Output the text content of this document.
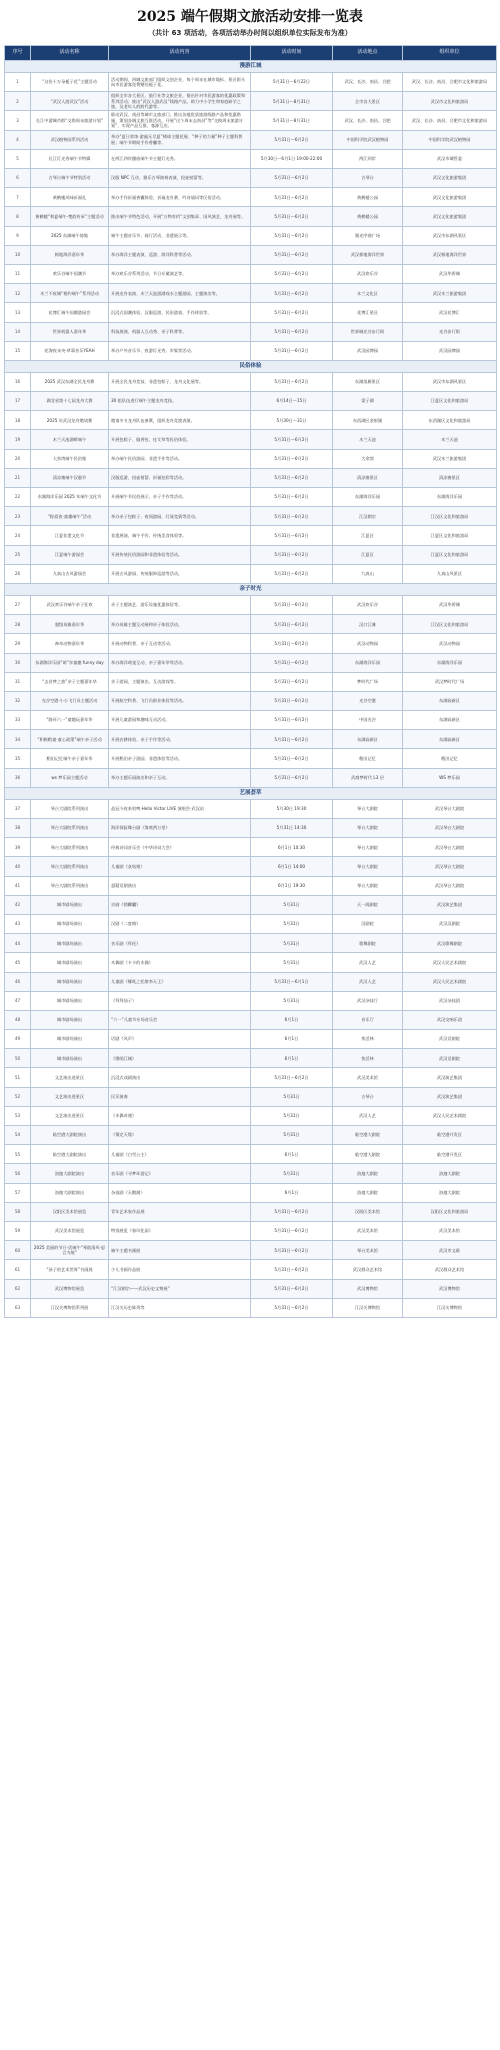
2025 端午假期文旅活动安排一览表
（共计 63 项活动，各项活动举办时间以组织单位实际发布为准）
序号	活动名称	活动内容	活动时间	活动地点	组织单位
漫游江城					
1	“这份十万朵栀子花”主题活动	活动期间，四城文旅部门组织文创企业，每个周末在城市地标、景区街头向市民游客免费赠送栀子花。	5月31日～6月22日	武汉、长沙、南昌、合肥	武汉、长沙、南昌、合肥市文化和旅游局
2	“武汉人游武汉”活动	组织全市各大景区、旅行社等文旅企业，推出针对市民游客的优惠政策和系列活动；推出“武汉人游武汉”线路产品，助力中小学生和家庭研学之旅，及老年人的跨代游等。	5月31日～8月31日	全市各大景区	武汉市文化和旅游局
3	长江中游城市群“交换周末旅游计划”	联动武汉、南昌等城市文旅部门，推出各地优质旅游线路产品和优惠措施，策划各城文旅互推活动，开展“这个周末去南昌”等“交换周末旅游计划”，实现产品互推、客源互送。	5月31日～8月31日	武汉、长沙、南昌、合肥	武汉、长沙、南昌、合肥市文化和旅游局
4	武汉植物园系列活动	举办“夏日荣浓·游遍无尽夏”绣球主题花展、“种子的力量”种子主题科普展；端午节期间手作香囊等。	5月31日～6月2日	中国科学院武汉植物园	中国科学院武汉植物园
5	长江灯光秀端午节特辑	在两江四岸播放端午节主题灯光秀。	5月30日～6月1日 19:00-22:00	两江四岸	武汉市城管委
6	古琴台端午节特别活动	汉服 NPC 互动、雅乐古琴演奏表演、投壶射箭等。	5月31日～6月2日	古琴台	武汉文化旅游集团
7	黄鹤楼风味祈福礼	举办手作祈福香囊体验、祈福龙舟赛、吟诗诵词等民俗活动。	5月31日～6月2日	黄鹤楼公园	武汉文化旅游集团
8	黄鹤楼“和夏端午·楚韵传承”主题活动	推出端午节特色活动，开展“万物有约”文创集章、国风演艺、龙舟展等。	5月31日～6月2日	黄鹤楼公园	武汉文化旅游集团
9	2025 东湖端午骑集	端午主题音乐节、骑行活动、非遗展示等。	5月31日～6月2日	湖光序曲广场	武汉市东湖风景区
10	极地海洋嘉年华	举办海洋主题表演、巡游、海洋科普等活动。	5月31日～6月2日	武汉极地海洋世界	武汉极地海洋世界
11	欢乐谷端午国潮节	举办欢乐谷系列活动、节日专属演艺等。	5月31日～6月2日	武汉欢乐谷	武汉华侨城
12	木兰不夜城“相约端午”系列活动	开展龙舟表演、木兰天池游湖戏水主题游园、主题演出等。	5月31日～6月2日	木兰文化区	武汉木兰旅游集团
13	花博汇端午国潮游园会	沉浸式国潮体验、汉服巡游、民俗游戏、手作体验等。	5月31日～6月2日	花博汇景区	武汉花博汇
14	世界机器人嘉年华	科技展演、机器人互动秀、亲子科普等。	5月31日～6月2日	世界城光谷步行街	光谷步行街
15	花海夜未央·草莓音乐YEAH	举办户外音乐节、夜游灯光秀、市集等活动。	5月31日～6月2日	武汉园博园	武汉园博园
民俗体验					
16	2025 武汉东湖全民龙舟赛	开展全民龙舟竞技、非遗包粽子、龙舟文化展等。	5月31日～6月2日	东湖落雁景区	武汉市东湖风景区
17	湖北省第十七届龙舟大赛	30 组队伍进行端午主题龙舟竞技。	6月14日～15日	梁子湖	江夏区文化和旅游局
18	2025 年武汉龙舟邀请赛	邀请多支龙舟队伍参赛，组织龙舟竞渡表演。	5月30日～31日	东西湖区金银湖	东西湖区文化和旅游局
19	木兰天池湖畔端午	开展包粽子、做香包、挂艾草等民俗体验。	5月31日～6月2日	木兰天池	木兰天池
20	大余湾端午民俗集	举办端午民俗游园、非遗手作等活动。	5月31日～6月2日	大余湾	武汉木兰旅游集团
21	清凉寨端午汉服节	汉服巡游、投壶射箭、祈福挂彩等活动。	5月31日～6月2日	清凉寨景区	清凉寨景区
22	东湖海洋乐园 2025 年端午文化节	开展端午节民俗展示、亲子手作等活动。	5月31日～6月2日	东湖海洋乐园	东湖海洋乐园
23	“粽爱夜·童趣端午”活动	举办亲子包粽子、夜间游园、灯谜竞猜等活动。	5月31日～6月2日	江汉朝宗	江汉区文化和旅游局
24	江夏非遗文化节	非遗展演、端午手作、传统美食体验等。	5月31日～6月2日	江夏区	江夏区文化和旅游局
25	江夏端午游园会	开展传统民俗游园和非遗体验等活动。	5月31日～6月2日	江夏区	江夏区文化和旅游局
26	九真山古风游园会	开展古风游园、传统服饰巡游等活动。	5月31日～6月2日	九真山	九真山风景区
亲子时光					
27	武汉欢乐谷端午亲子狂欢	亲子主题演艺、游乐设施优惠体验等。	5月31日～6月2日	武汉欢乐谷	武汉华侨城
28	超级英雄嘉年华	举办英雄主题互动展和亲子体验活动。	5月31日～6月2日	汉口江滩	江汉区文化和旅游局
29	神奇动物嘉年华	开展动物科普、亲子互动等活动。	5月31日～6月2日	武汉动物园	武汉动物园
30	东湖海洋乐园“萌”享童趣 funny day	举办海洋萌宠互动、亲子嘉年华等活动。	5月31日～6月2日	东湖海洋乐园	东湖海洋乐园
31	“去昔梦之旅”亲子主题嘉年华	亲子游园、主题演出、互动游戏等。	5月31日～6月2日	梦时代广场	武汉梦时代广场
32	光谷空港·小小飞行员主题活动	开展航空科普、飞行员职业体验等活动。	5月31日～6月2日	光谷空港	东湖高新区
33	“路环六一”童趣玩嘉年华	开展儿童游园和趣味互动活动。	5月31日～6月2日	中国光谷	东湖高新区
34	“积极稻童·童心政策”端午亲子活动	开展农耕体验、亲子手作等活动。	5月31日～6月2日	东湖高新区	东湖高新区
35	稻田记忆端午亲子嘉年华	开展稻田亲子游园、非遗体验等活动。	5月31日～6月2日	稻田记忆	稻田记忆
36	ws 梦乐园主题活动	举办主题乐园演出和亲子互动。	5月31日～6月2日	武商梦时代 L3 层	WS 梦乐园
艺展荟萃					
37	琴台大剧院系列演出	品冠今夜来哈啤·Hello Victor LIVE 演唱会·武汉站	5月30日 19:30	琴台大剧院	武汉琴台大剧院
38	琴台大剧院系列演出	海洋探险舞台剧《海底两万里》	5月31日 14:30	琴台大剧院	武汉琴台大剧院
39	琴台大剧院系列演出	经典诗词音乐会《中华诗词大会》	6月1日 10:30	琴台大剧院	武汉琴台大剧院
40	琴台大剧院系列演出	儿童剧《灰姑娘》	6月1日 14:00	琴台大剧院	武汉琴台大剧院
41	琴台大剧院系列演出	悬疑话剧演出	6月1日 19:30	琴台大剧院	武汉琴台大剧院
42	城市剧场演出	京剧《锁麟囊》	5月31日	天一阁剧院	武汉演艺集团
43	城市剧场演出	汉剧《二度梅》	5月31日	汉剧院	武汉汉剧院
44	城市剧场演出	音乐剧《拜托》	5月31日	歌舞剧院	武汉歌舞剧院
45	城市剧场演出	木偶剧《卡卡的木偶》	5月31日	武汉人艺	武汉人民艺术剧院
46	城市剧场演出	儿童剧《哪吒之托塔李天王》	5月31日～6月1日	武汉人艺	武汉人民艺术剧院
47	城市剧场演出	《拜拜仙子》	5月31日	武汉杂技厅	武汉杂技团
48	城市剧场演出	“六一”儿童节专场音乐会	6月1日	音乐厅	武汉交响乐团
49	城市剧场演出	话剧《风声》	6月1日	快活林	武汉话剧院
50	城市剧场演出	《歌唱江城》	6月1日	快活林	武汉话剧院
51	文艺演出进景区	沉浸式戏剧演出	5月31日～6月2日	武汉美术馆	武汉演艺集团
52	文艺演出进景区	民乐演奏	5月31日	古琴台	武汉演艺集团
53	文艺演出进景区	《木偶奇遇》	5月31日	武汉人艺	武汉人民艺术剧院
54	临空港大剧院演出	《情定天缘》	5月31日	临空港大剧院	临空港开发区
55	临空港大剧院演出	儿童剧《白雪公主》	6月1日	临空港大剧院	临空港开发区
56	洛迦大剧院演出	音乐剧《寻梦环游记》	5月31日	洛迦大剧院	洛迦大剧院
57	洛迦大剧院演出	杂技剧《天鹅湖》	6月1日	洛迦大剧院	洛迦大剧院
58	汉阳区美术馆展览	青年艺术家作品展	5月31日～6月2日	汉阳区美术馆	汉阳区文化和旅游局
59	武汉美术馆展览	特别展览《春风化雨》	5月31日～6月2日	武汉美术馆	武汉美术馆
60	2025 美丽的节日·话端午“琴韵清风·思言为展”	端午主题书画展	5月31日～6月2日	琴台美术馆	武汉市文联
61	“孩子的艺术世界”书画展	少儿书画作品展	5月31日～6月2日	武汉群众艺术馆	武汉群众艺术馆
62	武汉博物馆展览	“江汉朝宗——武汉历史文物展”	5月31日～6月2日	武汉博物馆	武汉博物馆
63	江汉关博物馆系列展	江汉关历史陈列等	5月31日～6月2日	江汉关博物馆	江汉关博物馆
